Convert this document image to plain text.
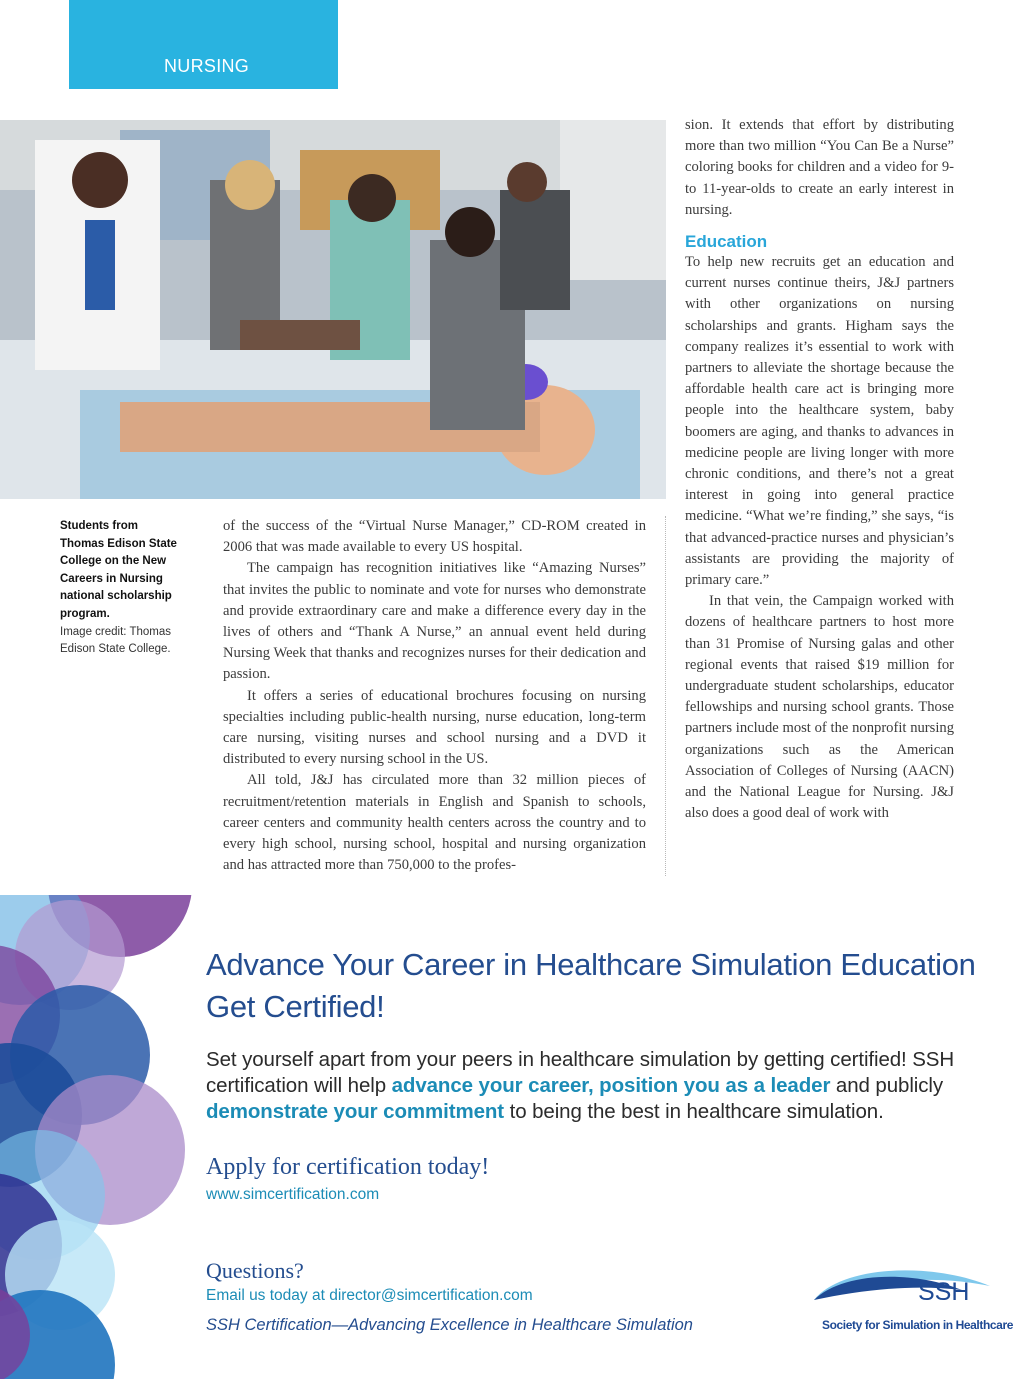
NURSING
Students from Thomas Edison State College on the New Careers in Nursing national scholarship program.
Image credit: Thomas Edison State College.

of the success of the “Virtual Nurse Manager,” CD-ROM created in 2006 that was made available to every US hospital.

The campaign has recognition initiatives like “Amazing Nurses” that invites the public to nominate and vote for nurses who demonstrate and provide extraordinary care and make a difference every day in the lives of others and “Thank A Nurse,” an annual event held during Nursing Week that thanks and recognizes nurses for their dedication and passion.

It offers a series of educational brochures focusing on nursing specialties including public-health nursing, nurse education, long-term care nursing, visiting nurses and school nursing and a DVD it distributed to every nursing school in the US.

All told, J&J has circulated more than 32 million pieces of recruitment/retention materials in English and Spanish to schools, career centers and community health centers across the country and to every high school, nursing school, hospital and nursing organization and has attracted more than 750,000 to the profes-

sion. It extends that effort by distributing more than two million “You Can Be a Nurse” coloring books for children and a video for 9- to 11-year-olds to create an early interest in nursing.

Education

To help new recruits get an education and current nurses continue theirs, J&J partners with other organizations on nursing scholarships and grants. Higham says the company realizes it’s essential to work with partners to alleviate the shortage because the affordable health care act is bringing more people into the healthcare system, baby boomers are aging, and thanks to advances in medicine people are living longer with more chronic conditions, and there’s not a great interest in going into general practice medicine. “What we’re finding,” she says, “is that advanced-practice nurses and physician’s assistants are providing the majority of primary care.”

In that vein, the Campaign worked with dozens of healthcare partners to host more than 31 Promise of Nursing galas and other regional events that raised $19 million for undergraduate student scholarships, educator fellowships and nursing school grants. Those partners include most of the nonprofit nursing organizations such as the American Association of Colleges of Nursing (AACN) and the National League for Nursing. J&J also does a good deal of work with

Advance Your Career in Healthcare Simulation Education
Get Certified!
Set yourself apart from your peers in healthcare simulation by getting certified! SSH certification will help advance your career, position you as a leader and publicly demonstrate your commitment to being the best in healthcare simulation.
Apply for certification today!
www.simcertification.com
Questions?
Email us today at director@simcertification.com
SSH Certification—Advancing Excellence in Healthcare Simulation
SSH
Society for Simulation in Healthcare
